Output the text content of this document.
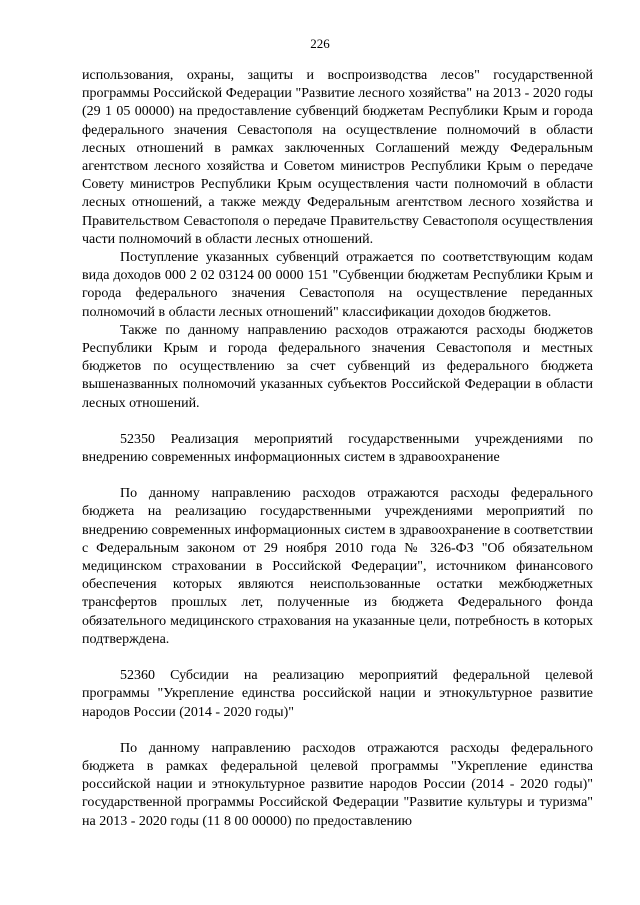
226

использования, охраны, защиты и воспроизводства лесов" государственной программы Российской Федерации "Развитие лесного хозяйства" на 2013 - 2020 годы (29 1 05 00000) на предоставление субвенций бюджетам Республики Крым и города федерального значения Севастополя на осуществление полномочий в области лесных отношений в рамках заключенных Соглашений между Федеральным агентством лесного хозяйства и Советом министров Республики Крым о передаче Совету министров Республики Крым осуществления части полномочий в области лесных отношений, а также между Федеральным агентством лесного хозяйства и Правительством Севастополя о передаче Правительству Севастополя осуществления части полномочий в области лесных отношений.

Поступление указанных субвенций отражается по соответствующим кодам вида доходов 000 2 02 03124 00 0000 151 "Субвенции бюджетам Республики Крым и города федерального значения Севастополя на осуществление переданных полномочий в области лесных отношений" классификации доходов бюджетов.

Также по данному направлению расходов отражаются расходы бюджетов Республики Крым и города федерального значения Севастополя и местных бюджетов по осуществлению за счет субвенций из федерального бюджета вышеназванных полномочий указанных субъектов Российской Федерации в области лесных отношений.

52350 Реализация мероприятий государственными учреждениями по внедрению современных информационных систем в здравоохранение

По данному направлению расходов отражаются расходы федерального бюджета на реализацию государственными учреждениями мероприятий по внедрению современных информационных систем в здравоохранение в соответствии с Федеральным законом от 29 ноября 2010 года № 326-ФЗ "Об обязательном медицинском страховании в Российской Федерации", источником финансового обеспечения которых являются неиспользованные остатки межбюджетных трансфертов прошлых лет, полученные из бюджета Федерального фонда обязательного медицинского страхования на указанные цели, потребность в которых подтверждена.

52360 Субсидии на реализацию мероприятий федеральной целевой программы "Укрепление единства российской нации и этнокультурное развитие народов России (2014 - 2020 годы)"

По данному направлению расходов отражаются расходы федерального бюджета в рамках федеральной целевой программы "Укрепление единства российской нации и этнокультурное развитие народов России (2014 - 2020 годы)" государственной программы Российской Федерации "Развитие культуры и туризма" на 2013 - 2020 годы (11 8 00 00000) по предоставлению
